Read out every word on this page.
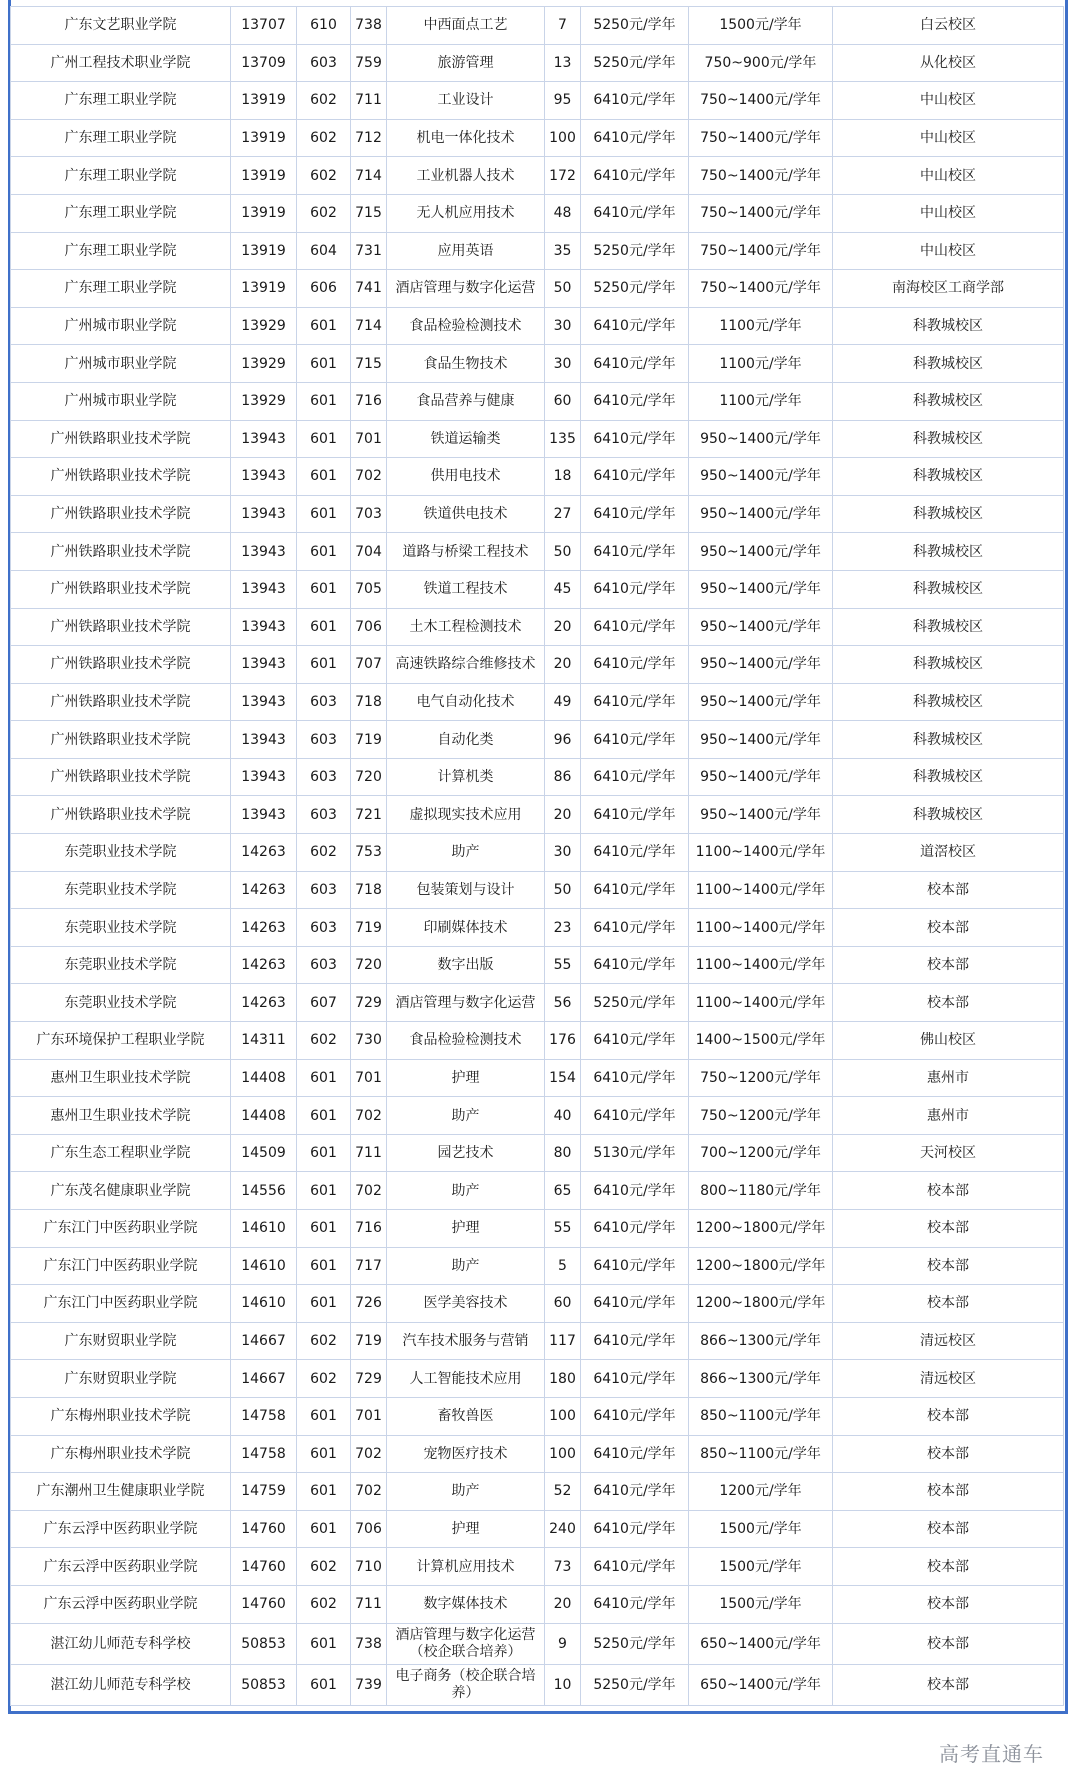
广东文艺职业学院	13707	610	738	中西面点工艺	7	5250元/学年	1500元/学年	白云校区
广州工程技术职业学院	13709	603	759	旅游管理	13	5250元/学年	750~900元/学年	从化校区
广东理工职业学院	13919	602	711	工业设计	95	6410元/学年	750~1400元/学年	中山校区
广东理工职业学院	13919	602	712	机电一体化技术	100	6410元/学年	750~1400元/学年	中山校区
广东理工职业学院	13919	602	714	工业机器人技术	172	6410元/学年	750~1400元/学年	中山校区
广东理工职业学院	13919	602	715	无人机应用技术	48	6410元/学年	750~1400元/学年	中山校区
广东理工职业学院	13919	604	731	应用英语	35	5250元/学年	750~1400元/学年	中山校区
广东理工职业学院	13919	606	741	酒店管理与数字化运营	50	5250元/学年	750~1400元/学年	南海校区工商学部
广州城市职业学院	13929	601	714	食品检验检测技术	30	6410元/学年	1100元/学年	科教城校区
广州城市职业学院	13929	601	715	食品生物技术	30	6410元/学年	1100元/学年	科教城校区
广州城市职业学院	13929	601	716	食品营养与健康	60	6410元/学年	1100元/学年	科教城校区
广州铁路职业技术学院	13943	601	701	铁道运输类	135	6410元/学年	950~1400元/学年	科教城校区
广州铁路职业技术学院	13943	601	702	供用电技术	18	6410元/学年	950~1400元/学年	科教城校区
广州铁路职业技术学院	13943	601	703	铁道供电技术	27	6410元/学年	950~1400元/学年	科教城校区
广州铁路职业技术学院	13943	601	704	道路与桥梁工程技术	50	6410元/学年	950~1400元/学年	科教城校区
广州铁路职业技术学院	13943	601	705	铁道工程技术	45	6410元/学年	950~1400元/学年	科教城校区
广州铁路职业技术学院	13943	601	706	土木工程检测技术	20	6410元/学年	950~1400元/学年	科教城校区
广州铁路职业技术学院	13943	601	707	高速铁路综合维修技术	20	6410元/学年	950~1400元/学年	科教城校区
广州铁路职业技术学院	13943	603	718	电气自动化技术	49	6410元/学年	950~1400元/学年	科教城校区
广州铁路职业技术学院	13943	603	719	自动化类	96	6410元/学年	950~1400元/学年	科教城校区
广州铁路职业技术学院	13943	603	720	计算机类	86	6410元/学年	950~1400元/学年	科教城校区
广州铁路职业技术学院	13943	603	721	虚拟现实技术应用	20	6410元/学年	950~1400元/学年	科教城校区
东莞职业技术学院	14263	602	753	助产	30	6410元/学年	1100~1400元/学年	道滘校区
东莞职业技术学院	14263	603	718	包装策划与设计	50	6410元/学年	1100~1400元/学年	校本部
东莞职业技术学院	14263	603	719	印刷媒体技术	23	6410元/学年	1100~1400元/学年	校本部
东莞职业技术学院	14263	603	720	数字出版	55	6410元/学年	1100~1400元/学年	校本部
东莞职业技术学院	14263	607	729	酒店管理与数字化运营	56	5250元/学年	1100~1400元/学年	校本部
广东环境保护工程职业学院	14311	602	730	食品检验检测技术	176	6410元/学年	1400~1500元/学年	佛山校区
惠州卫生职业技术学院	14408	601	701	护理	154	6410元/学年	750~1200元/学年	惠州市
惠州卫生职业技术学院	14408	601	702	助产	40	6410元/学年	750~1200元/学年	惠州市
广东生态工程职业学院	14509	601	711	园艺技术	80	5130元/学年	700~1200元/学年	天河校区
广东茂名健康职业学院	14556	601	702	助产	65	6410元/学年	800~1180元/学年	校本部
广东江门中医药职业学院	14610	601	716	护理	55	6410元/学年	1200~1800元/学年	校本部
广东江门中医药职业学院	14610	601	717	助产	5	6410元/学年	1200~1800元/学年	校本部
广东江门中医药职业学院	14610	601	726	医学美容技术	60	6410元/学年	1200~1800元/学年	校本部
广东财贸职业学院	14667	602	719	汽车技术服务与营销	117	6410元/学年	866~1300元/学年	清远校区
广东财贸职业学院	14667	602	729	人工智能技术应用	180	6410元/学年	866~1300元/学年	清远校区
广东梅州职业技术学院	14758	601	701	畜牧兽医	100	6410元/学年	850~1100元/学年	校本部
广东梅州职业技术学院	14758	601	702	宠物医疗技术	100	6410元/学年	850~1100元/学年	校本部
广东潮州卫生健康职业学院	14759	601	702	助产	52	6410元/学年	1200元/学年	校本部
广东云浮中医药职业学院	14760	601	706	护理	240	6410元/学年	1500元/学年	校本部
广东云浮中医药职业学院	14760	602	710	计算机应用技术	73	6410元/学年	1500元/学年	校本部
广东云浮中医药职业学院	14760	602	711	数字媒体技术	20	6410元/学年	1500元/学年	校本部
湛江幼儿师范专科学校	50853	601	738	酒店管理与数字化运营（校企联合培养）	9	5250元/学年	650~1400元/学年	校本部
湛江幼儿师范专科学校	50853	601	739	电子商务（校企联合培养）	10	5250元/学年	650~1400元/学年	校本部
高考直通车
